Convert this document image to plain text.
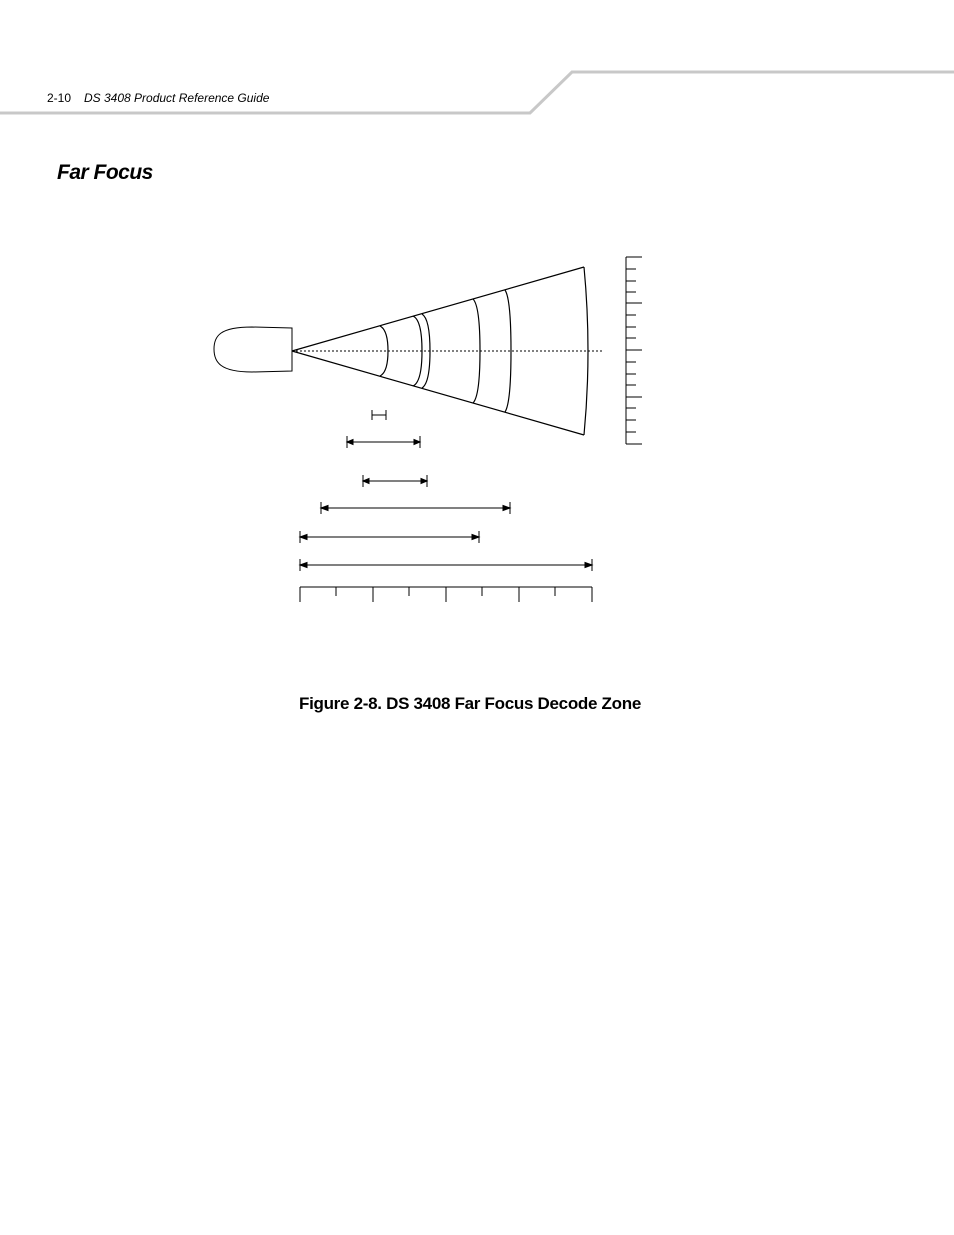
2-10 DS 3408 Product Reference Guide
Far Focus
Figure 2-8. DS 3408 Far Focus Decode Zone
